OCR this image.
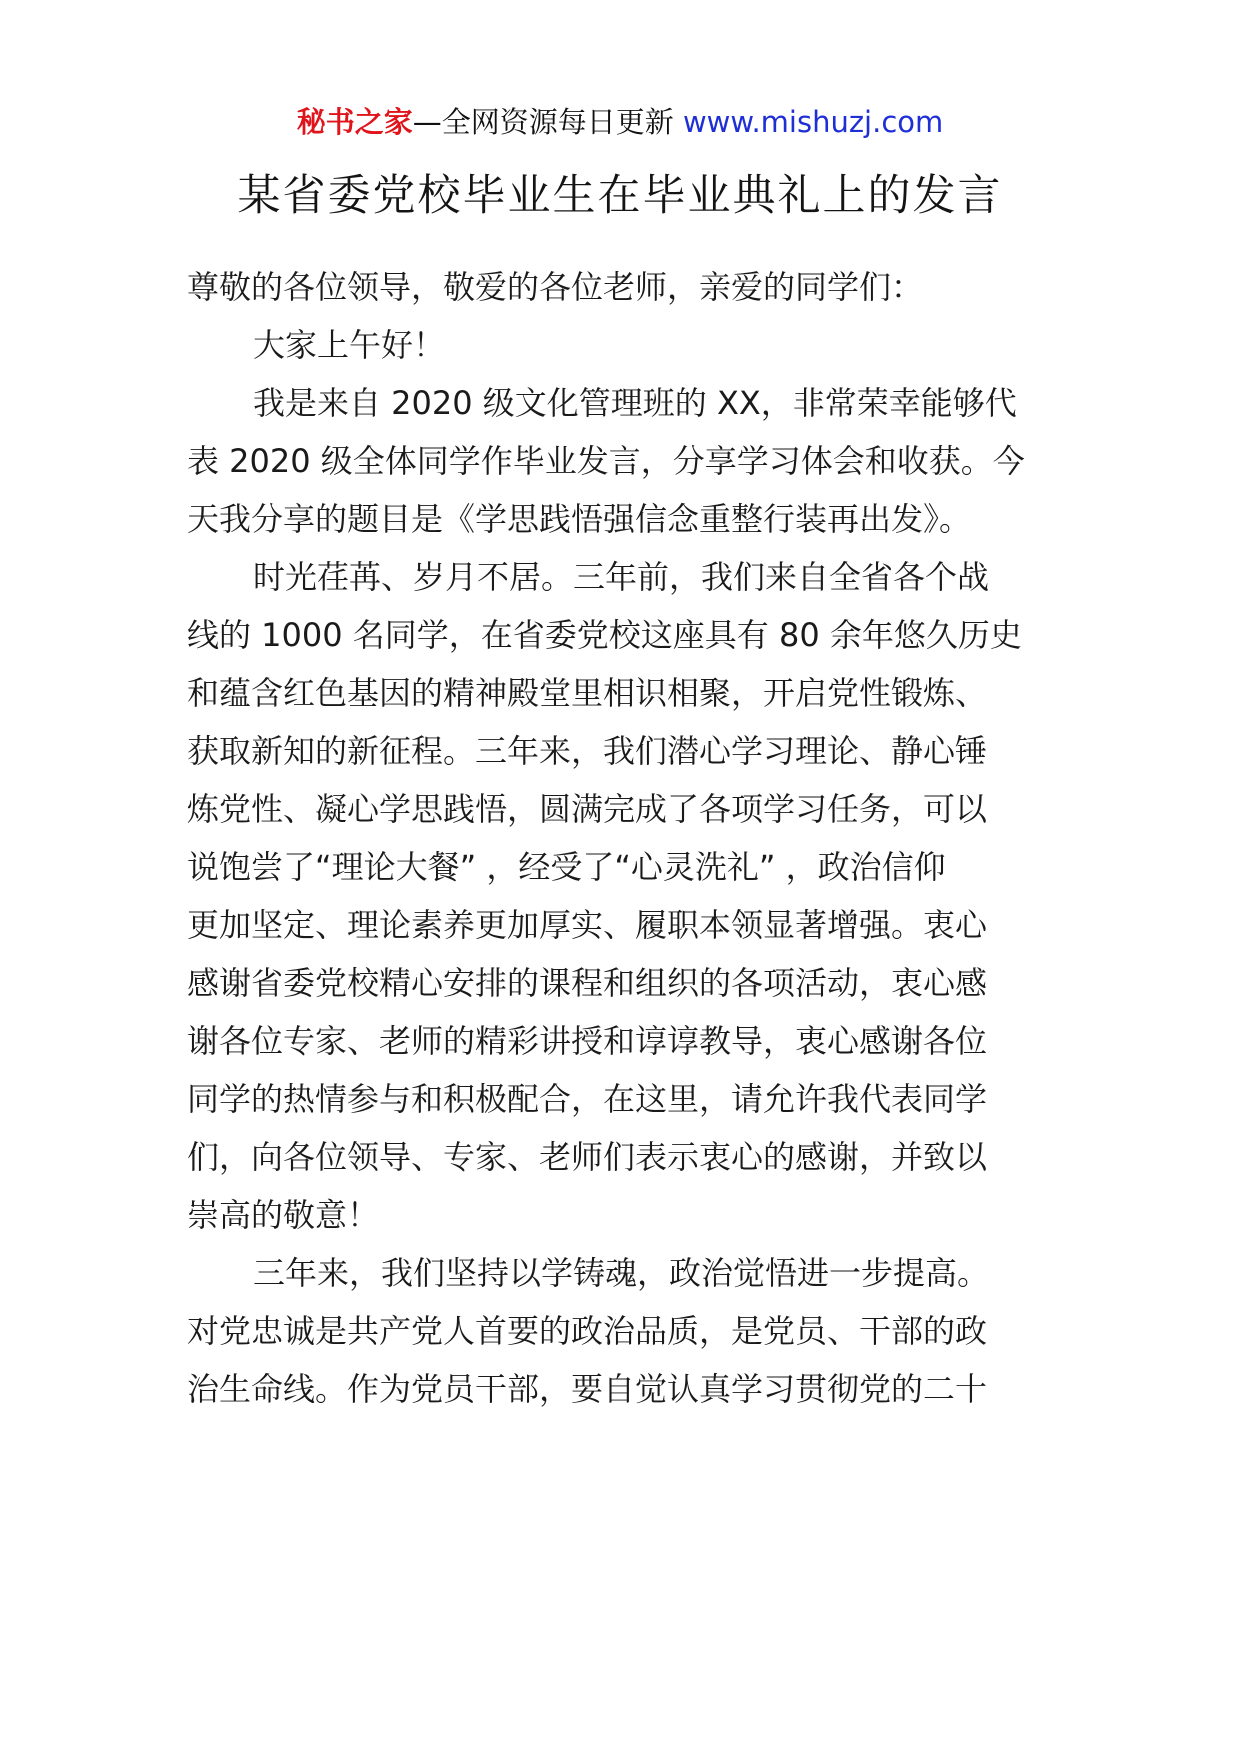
秘书之家—全网资源每日更新 www.mishuzj.com
某省委党校毕业生在毕业典礼上的发言
尊敬的各位领导，敬爱的各位老师，亲爱的同学们：
大家上午好！
我是来自 2020 级文化管理班的 XX，非常荣幸能够代
表 2020 级全体同学作毕业发言，分享学习体会和收获。今
天我分享的题目是《学思践悟强信念重整行装再出发》。
时光荏苒、岁月不居。三年前，我们来自全省各个战
线的 1000 名同学，在省委党校这座具有 80 余年悠久历史
和蕴含红色基因的精神殿堂里相识相聚，开启党性锻炼、
获取新知的新征程。三年来，我们潜心学习理论、静心锤
炼党性、凝心学思践悟，圆满完成了各项学习任务，可以
说饱尝了“理论大餐” ，经受了“心灵洗礼” ，政治信仰
更加坚定、理论素养更加厚实、履职本领显著增强。衷心
感谢省委党校精心安排的课程和组织的各项活动，衷心感
谢各位专家、老师的精彩讲授和谆谆教导，衷心感谢各位
同学的热情参与和积极配合，在这里，请允许我代表同学
们，向各位领导、专家、老师们表示衷心的感谢，并致以
崇高的敬意！
三年来，我们坚持以学铸魂，政治觉悟进一步提高。
对党忠诚是共产党人首要的政治品质，是党员、干部的政
治生命线。作为党员干部，要自觉认真学习贯彻党的二十
